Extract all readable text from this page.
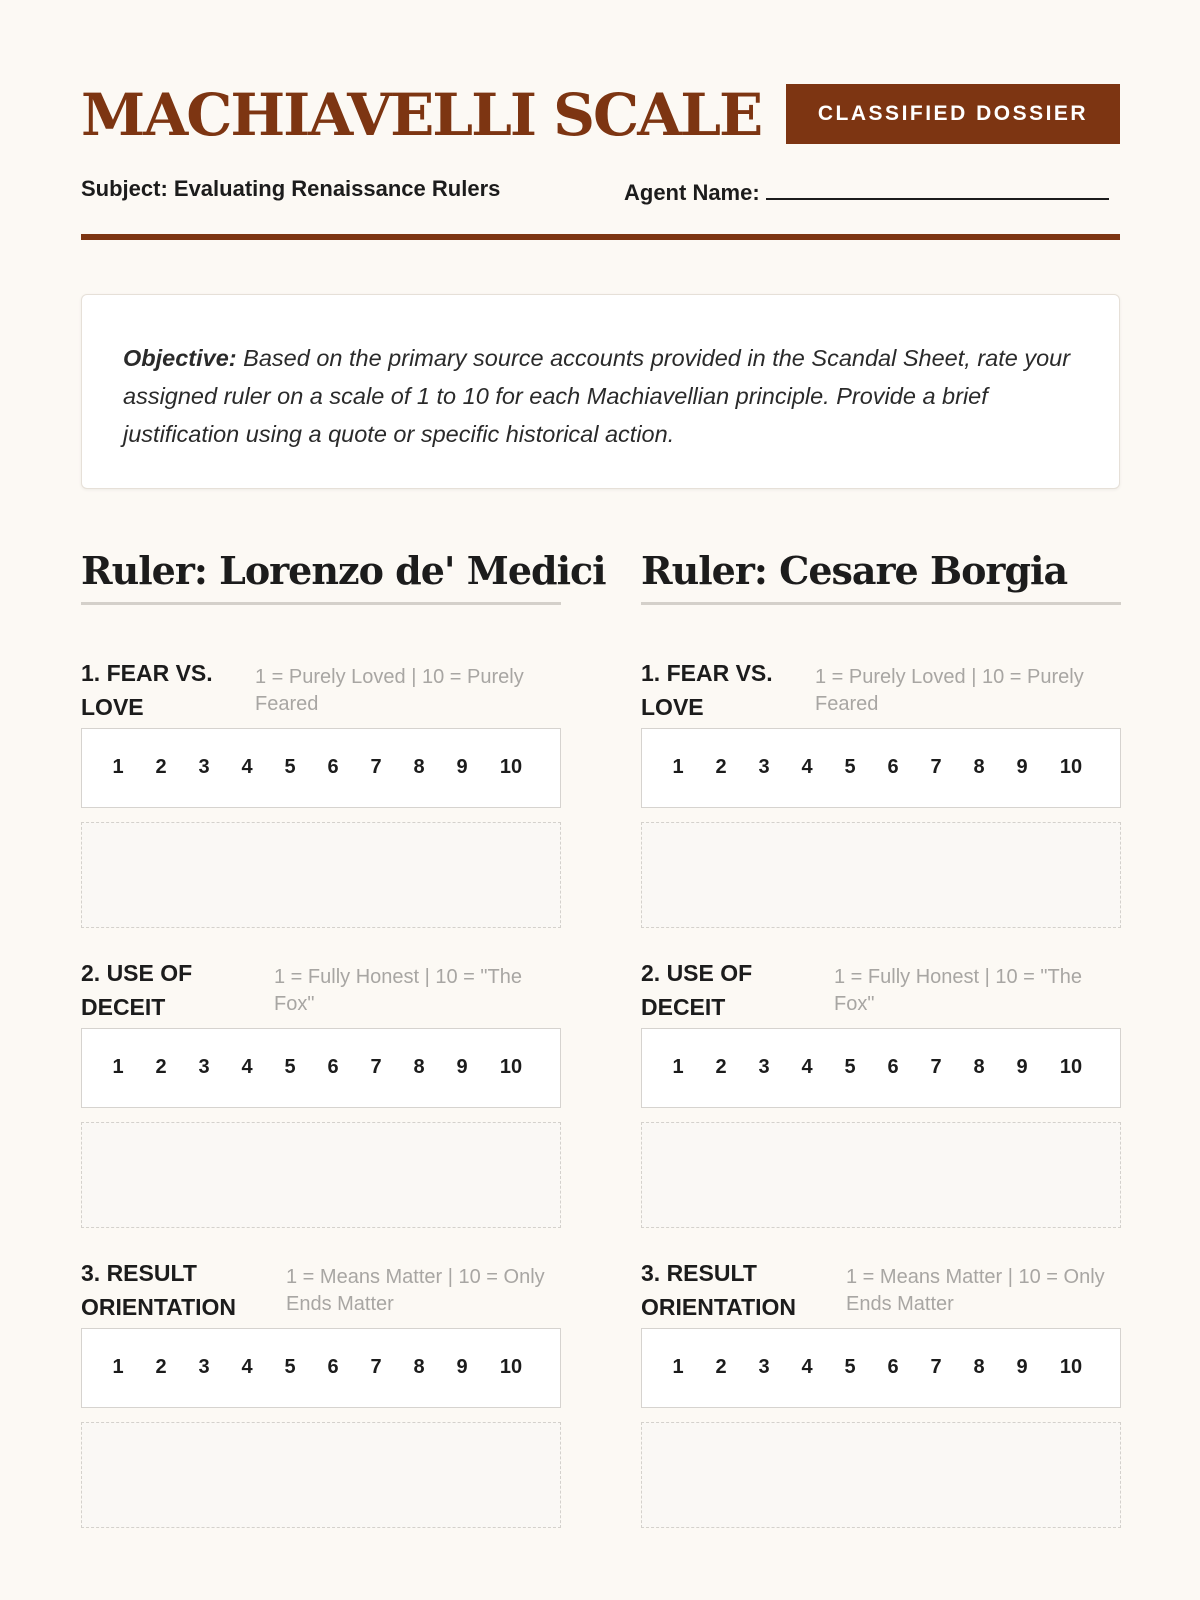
MACHIAVELLI SCALE	CLASSIFIED DOSSIER
Subject: Evaluating Renaissance Rulers	Agent Name:
Objective: Based on the primary source accounts provided in the Scandal Sheet, rate your assigned ruler on a scale of 1 to 10 for each Machiavellian principle. Provide a brief justification using a quote or specific historical action.
Ruler: Lorenzo de' Medici
1. FEAR VS. LOVE
1 = Purely Loved | 10 = Purely Feared
1	2	3	4	5	6	7	8	9	10
2. USE OF DECEIT
1 = Fully Honest | 10 = "The Fox"
1	2	3	4	5	6	7	8	9	10
3. RESULT ORIENTATION
1 = Means Matter | 10 = Only Ends Matter
1	2	3	4	5	6	7	8	9	10
Ruler: Cesare Borgia
1. FEAR VS. LOVE
1 = Purely Loved | 10 = Purely Feared
1	2	3	4	5	6	7	8	9	10
2. USE OF DECEIT
1 = Fully Honest | 10 = "The Fox"
1	2	3	4	5	6	7	8	9	10
3. RESULT ORIENTATION
1 = Means Matter | 10 = Only Ends Matter
1	2	3	4	5	6	7	8	9	10
